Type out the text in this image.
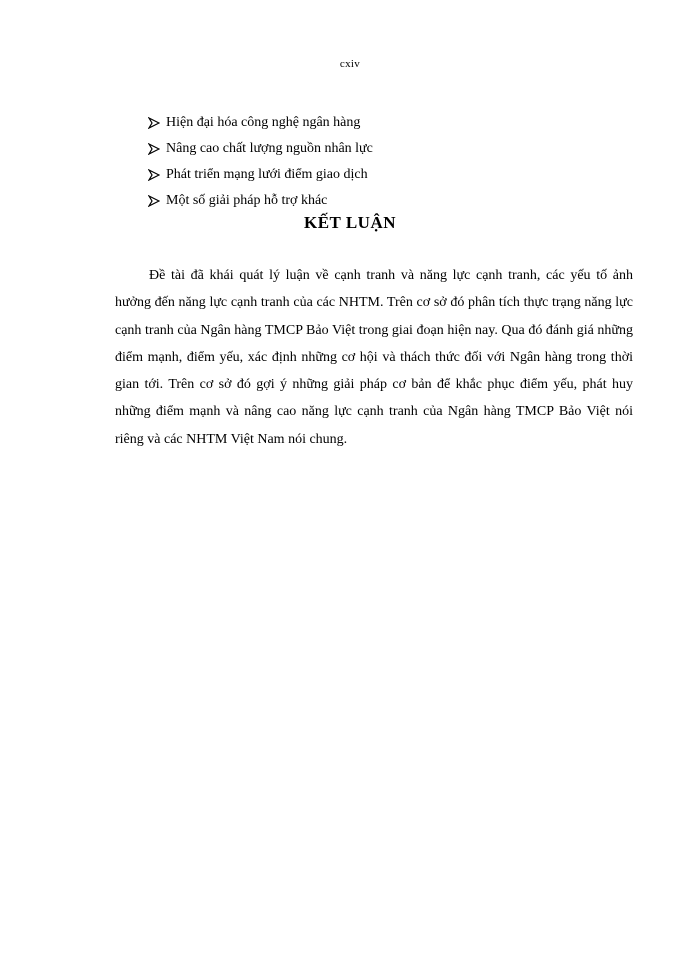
cxiv
Hiện đại hóa công nghệ ngân hàng
Nâng cao chất lượng nguồn nhân lực
Phát triển mạng lưới điểm giao dịch
Một số giải pháp hỗ trợ khác
KẾT LUẬN

Đề tài đã khái quát lý luận về cạnh tranh và năng lực cạnh tranh, các yếu tố ảnh hưởng đến năng lực cạnh tranh của các NHTM. Trên cơ sở đó phân tích thực trạng năng lực cạnh tranh của Ngân hàng TMCP Bảo Việt trong giai đoạn hiện nay. Qua đó đánh giá những điểm mạnh, điểm yếu, xác định những cơ hội và thách thức đối với Ngân hàng trong thời gian tới. Trên cơ sở đó gợi ý những giải pháp cơ bản để khắc phục điểm yếu, phát huy những điểm mạnh và nâng cao năng lực cạnh tranh của Ngân hàng TMCP Bảo Việt nói riêng và các NHTM Việt Nam nói chung.
